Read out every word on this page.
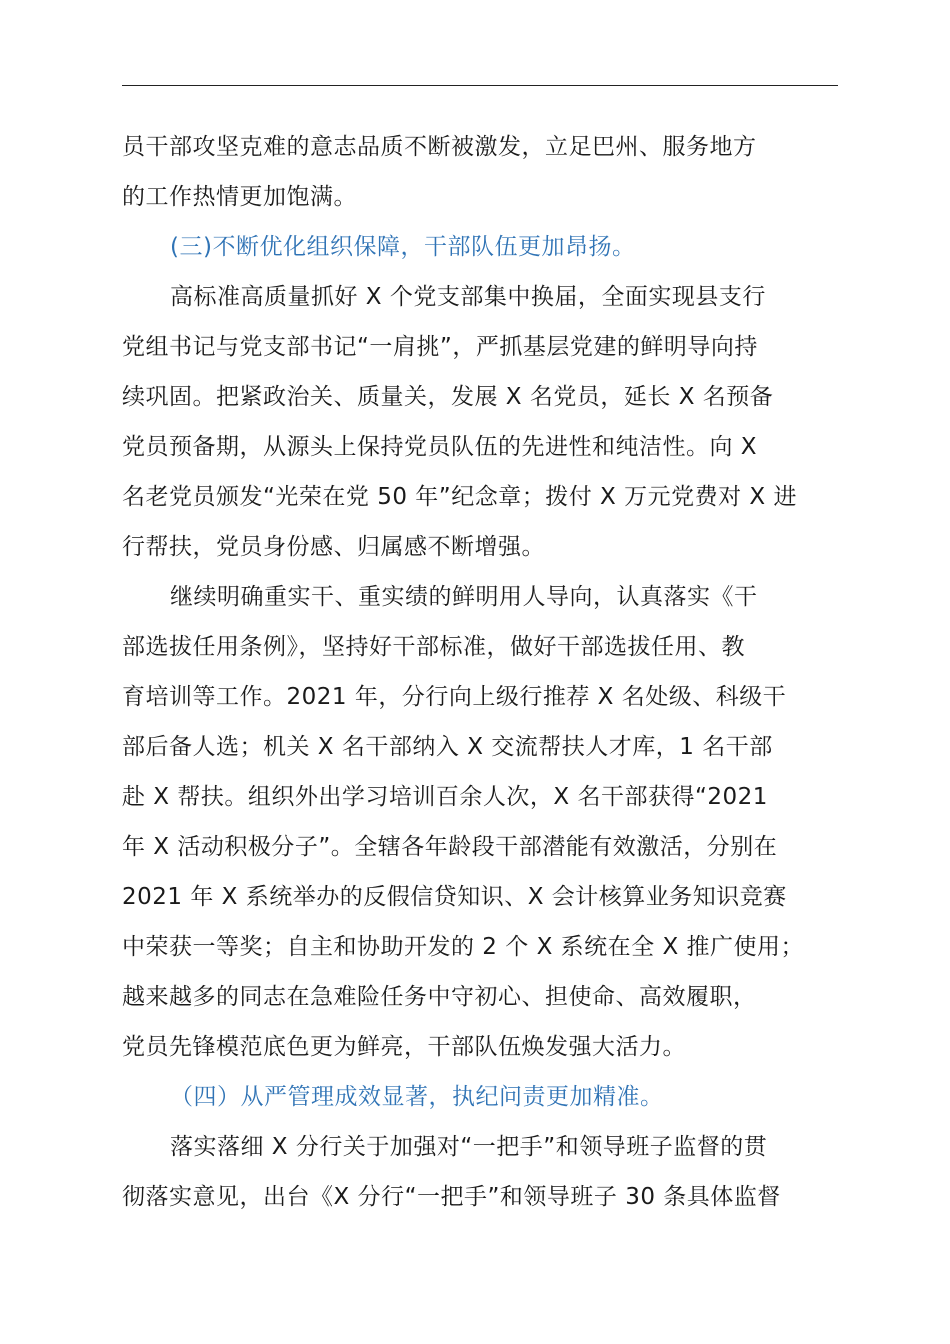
员干部攻坚克难的意志品质不断被激发，立足巴州、服务地方
的工作热情更加饱满。
(三)不断优化组织保障，干部队伍更加昂扬。
高标准高质量抓好 X 个党支部集中换届，全面实现县支行
党组书记与党支部书记“一肩挑”，严抓基层党建的鲜明导向持
续巩固。把紧政治关、质量关，发展 X 名党员，延长 X 名预备
党员预备期，从源头上保持党员队伍的先进性和纯洁性。向 X
名老党员颁发“光荣在党 50 年”纪念章；拨付 X 万元党费对 X 进
行帮扶，党员身份感、归属感不断增强。
继续明确重实干、重实绩的鲜明用人导向，认真落实《干
部选拔任用条例》，坚持好干部标准，做好干部选拔任用、教
育培训等工作。2021 年，分行向上级行推荐 X 名处级、科级干
部后备人选；机关 X 名干部纳入 X 交流帮扶人才库，1 名干部
赴 X 帮扶。组织外出学习培训百余人次，X 名干部获得“2021
年 X 活动积极分子”。全辖各年龄段干部潜能有效激活，分别在
2021 年 X 系统举办的反假信贷知识、X 会计核算业务知识竞赛
中荣获一等奖；自主和协助开发的 2 个 X 系统在全 X 推广使用；
越来越多的同志在急难险任务中守初心、担使命、高效履职，
党员先锋模范底色更为鲜亮，干部队伍焕发强大活力。
（四）从严管理成效显著，执纪问责更加精准。
落实落细 X 分行关于加强对“一把手”和领导班子监督的贯
彻落实意见，出台《X 分行“一把手”和领导班子 30 条具体监督
